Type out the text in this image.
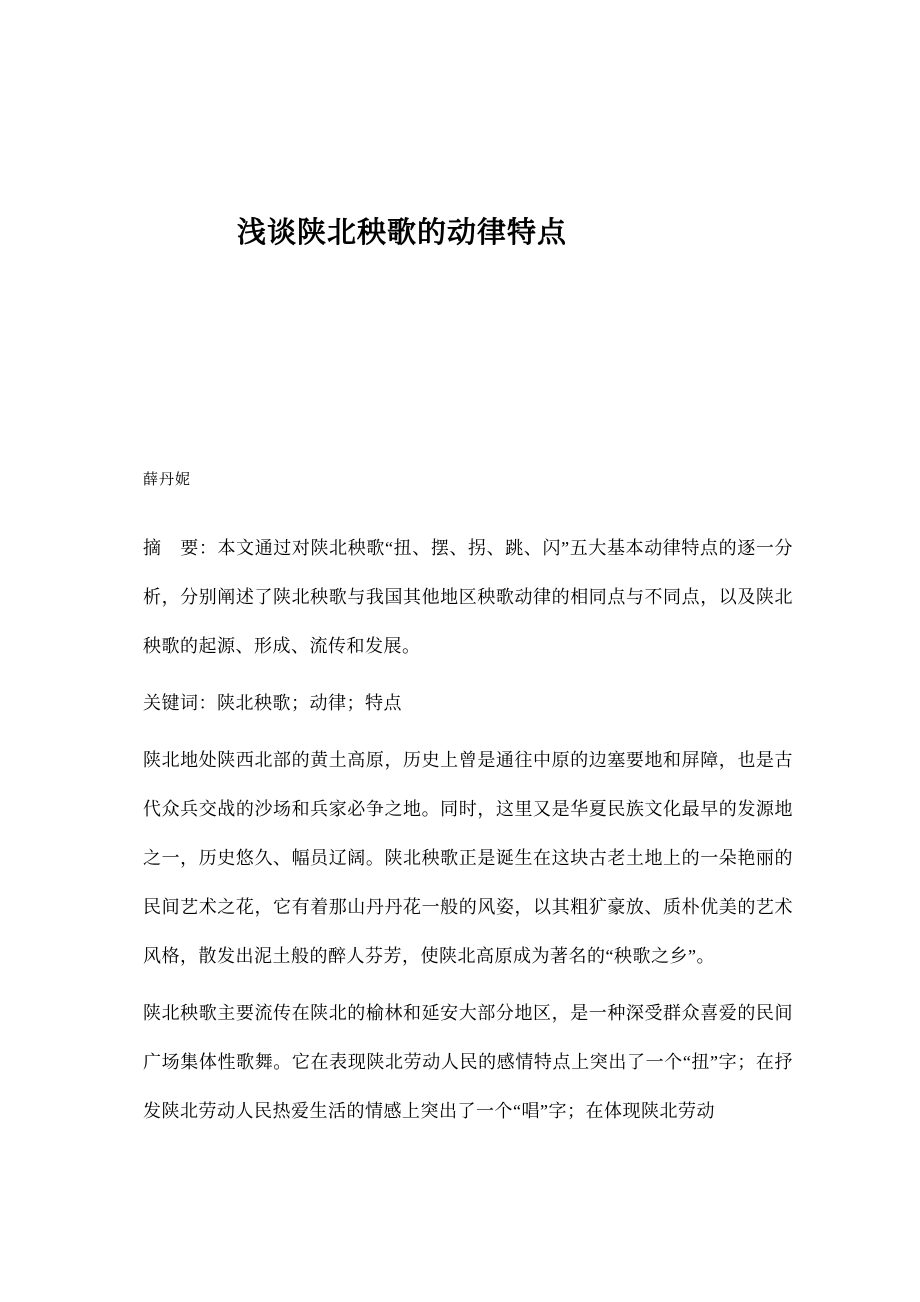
浅谈陕北秧歌的动律特点
薛丹妮

摘　要：本文通过对陕北秧歌“扭、摆、拐、跳、闪”五大基本动律特点的逐一分析，分别阐述了陕北秧歌与我国其他地区秧歌动律的相同点与不同点，以及陕北秧歌的起源、形成、流传和发展。

关键词：陕北秧歌；动律；特点

陕北地处陕西北部的黄土高原，历史上曾是通往中原的边塞要地和屏障，也是古代众兵交战的沙场和兵家必争之地。同时，这里又是华夏民族文化最早的发源地之一，历史悠久、幅员辽阔。陕北秧歌正是诞生在这块古老土地上的一朵艳丽的民间艺术之花，它有着那山丹丹花一般的风姿，以其粗犷豪放、质朴优美的艺术风格，散发出泥土般的醉人芬芳，使陕北高原成为著名的“秧歌之乡”。

陕北秧歌主要流传在陕北的榆林和延安大部分地区，是一种深受群众喜爱的民间广场集体性歌舞。它在表现陕北劳动人民的感情特点上突出了一个“扭”字；在抒发陕北劳动人民热爱生活的情感上突出了一个“唱”字；在体现陕北劳动
